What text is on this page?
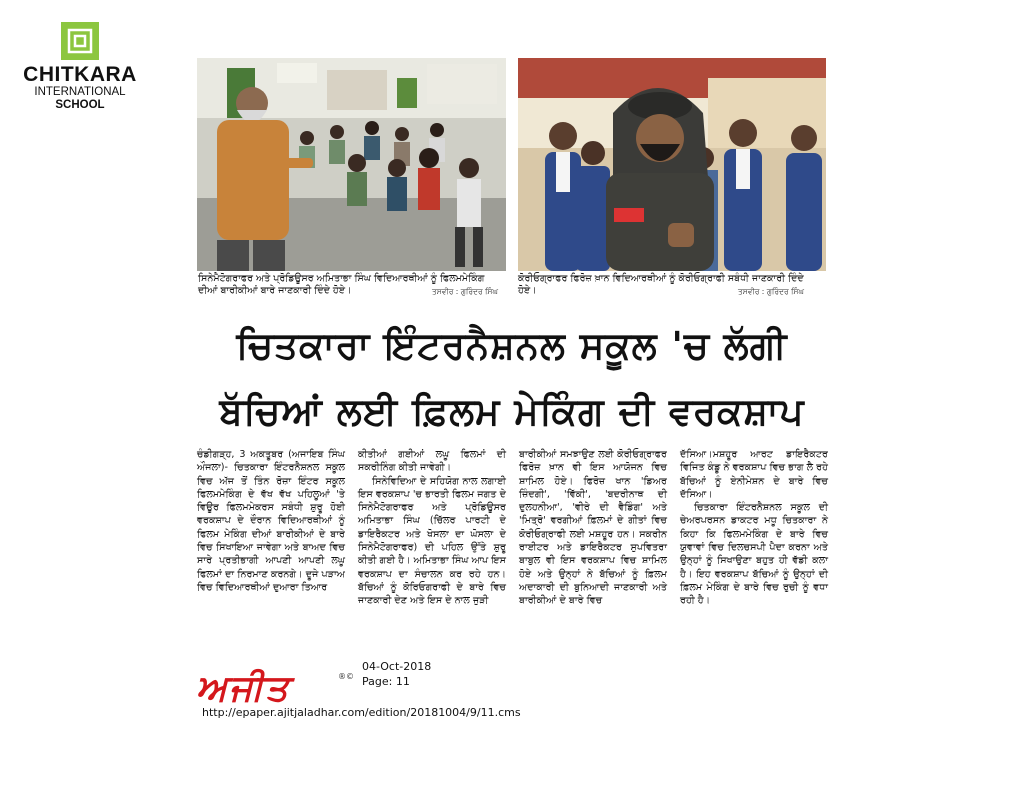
CHITKARA
INTERNATIONAL
SCHOOL
ਸਿਨੇਮੈਟੋਗਰਾਫਰ ਅਤੇ ਪ੍ਰੋਡਿਊਸਰ ਅਮਿਤਾਭਾ ਸਿੰਘ ਵਿਦਿਆਰਥੀਆਂ ਨੂੰ ਫਿਲਮਮੇਕਿੰਗ ਦੀਆਂ ਬਾਰੀਕੀਆਂ ਬਾਰੇ ਜਾਣਕਾਰੀ ਦਿੰਦੇ ਹੋਏ।	ਤਸਵੀਰ : ਗੁਰਿੰਦਰ ਸਿੰਘ
ਕੋਰੀਓਗ੍ਰਾਫਰ ਫਿਰੋਜ਼ ਖ਼ਾਨ ਵਿਦਿਆਰਥੀਆਂ ਨੂੰ ਕੋਰੀਓਗ੍ਰਾਫੀ ਸਬੰਧੀ ਜਾਣਕਾਰੀ ਦਿੰਦੇ ਹੋਏ।	ਤਸਵੀਰ : ਗੁਰਿੰਦਰ ਸਿੰਘ
ਚਿਤਕਾਰਾ ਇੰਟਰਨੈਸ਼ਨਲ ਸਕੂਲ 'ਚ ਲੱਗੀ
ਬੱਚਿਆਂ ਲਈ ਫ਼ਿਲਮ ਮੇਕਿੰਗ ਦੀ ਵਰਕਸ਼ਾਪ

ਚੰਡੀਗੜ੍ਹ, 3 ਅਕਤੂਬਰ (ਅਜਾਇਬ ਸਿੰਘ ਔਜਲਾ)- ਚਿਤਕਾਰਾ ਇੰਟਰਨੈਸ਼ਨਲ ਸਕੂਲ ਵਿਚ ਅੱਜ ਤੋਂ ਤਿੰਨ ਰੋਜ਼ਾ ਇੰਟਰ ਸਕੂਲ ਫਿਲਮਮੇਕਿੰਗ ਦੇ ਵੱਖ ਵੱਖ ਪਹਿਲੂਆਂ 'ਤੇ ਵਿਊਰ ਫਿਲਮਮੇਕਰਸ ਸਬੰਧੀ ਸ਼ੁਰੂ ਹੋਈ ਵਰਕਸ਼ਾਪ ਦੇ ਦੌਰਾਨ ਵਿਦਿਆਰਥੀਆਂ ਨੂੰ ਫਿਲਮ ਮੇਕਿੰਗ ਦੀਆਂ ਬਾਰੀਕੀਆਂ ਦੇ ਬਾਰੇ ਵਿਚ ਸਿਖਾਇਆ ਜਾਵੇਗਾ ਅਤੇ ਬਾਅਦ ਵਿਚ ਸਾਰੇ ਪ੍ਰਤੀਭਾਗੀ ਆਪਣੀ ਆਪਣੀ ਲਘੂ ਫਿਲਮਾਂ ਦਾ ਨਿਰਮਾਣ ਕਰਨਗੇ। ਦੂਜੇ ਪੜਾਅ ਵਿਚ ਵਿਦਿਆਰਥੀਆਂ ਦੁਆਰਾ ਤਿਆਰ

ਕੀਤੀਆਂ ਗਈਆਂ ਲਘੂ ਫਿਲਮਾਂ ਦੀ ਸਕਰੀਨਿੰਗ ਕੀਤੀ ਜਾਵੇਗੀ।

ਸਿਨੇਵਿਦਿਆ ਦੇ ਸਹਿਯੋਗ ਨਾਲ ਲਗਾਈ ਇਸ ਵਰਕਸ਼ਾਪ 'ਚ ਭਾਰਤੀ ਫਿਲਮ ਜਗਤ ਦੇ ਸਿਨੇਮੈਟੋਗਰਾਫਰ ਅਤੇ ਪ੍ਰੋਡਿਊਸਰ ਅਮਿਤਾਭਾ ਸਿੰਘ (ਚਿੱਲਰ ਪਾਰਟੀ ਦੇ ਡਾਇਰੈਕਟਰ ਅਤੇ ਖੋਸਲਾ ਦਾ ਘੋਸਲਾ ਦੇ ਸਿਨੇਮੈਟੋਗਰਾਫਰ) ਦੀ ਪਹਿਲ ਉੱਤੇ ਸ਼ੁਰੂ ਕੀਤੀ ਗਈ ਹੈ। ਅਮਿਤਾਭਾ ਸਿੰਘ ਆਪ ਇਸ ਵਰਕਸ਼ਾਪ ਦਾ ਸੰਚਾਲਨ ਕਰ ਰਹੇ ਹਨ। ਬੱਚਿਆਂ ਨੂੰ ਕੋਰਿਓਗਰਾਫੀ ਦੇ ਬਾਰੇ ਵਿਚ ਜਾਣਕਾਰੀ ਦੇਣ ਅਤੇ ਇਸ ਦੇ ਨਾਲ ਜੁੜੀ

ਬਾਰੀਕੀਆਂ ਸਮਝਾਉਣ ਲਈ ਕੋਰੀਓਗ੍ਰਾਫਰ ਫਿਰੋਜ਼ ਖ਼ਾਨ ਵੀ ਇਸ ਆਯੋਜਨ ਵਿਚ ਸ਼ਾਮਿਲ ਹੋਏ। ਫਿਰੋਜ਼ ਖਾਨ 'ਡਿਅਰ ਜ਼ਿੰਦਗੀ', 'ਵਿੱਕੀ', 'ਬਦਰੀਨਾਥ ਦੀ ਦੁਲਹਨੀਆ', 'ਵੀਰੇ ਦੀ ਵੈਡਿੰਗ' ਅਤੇ 'ਮਿਤ੍ਰੋ' ਵਰਗੀਆਂ ਫ਼ਿਲਮਾਂ ਦੇ ਗੀਤਾਂ ਵਿਚ ਕੋਰੀਓਗ੍ਰਾਫੀ ਲਈ ਮਸ਼ਹੂਰ ਹਨ। ਸਕਰੀਨ ਰਾਈਟਰ ਅਤੇ ਡਾਇਰੈਕਟਰ ਸੁਪਵਿਤਰਾ ਬਾਬੁਲ ਵੀ ਇਸ ਵਰਕਸ਼ਾਪ ਵਿਚ ਸ਼ਾਮਿਲ ਹੋਏ ਅਤੇ ਉਨ੍ਹਾਂ ਨੇ ਬੱਚਿਆਂ ਨੂੰ ਫ਼ਿਲਮ ਅਦਾਕਾਰੀ ਦੀ ਬੁਨਿਆਦੀ ਜਾਣਕਾਰੀ ਅਤੇ ਬਾਰੀਕੀਆਂ ਦੇ ਬਾਰੇ ਵਿਚ

ਦੱਸਿਆ।ਮਸ਼ਹੂਰ ਆਰਟ ਡਾਇਰੈਕਟਰ ਵਿਜਿਤ ਕੰਡੂ ਨੇ ਵਰਕਸ਼ਾਪ ਵਿਚ ਭਾਗ ਲੈ ਰਹੇ ਬੱਚਿਆਂ ਨੂੰ ਏਨੀਮੇਸ਼ਨ ਦੇ ਬਾਰੇ ਵਿਚ ਦੱਸਿਆ।

ਚਿਤਕਾਰਾ ਇੰਟਰਨੈਸ਼ਨਲ ਸਕੂਲ ਦੀ ਚੇਅਰਪਰਸਨ ਡਾਕਟਰ ਮਧੂ ਚਿਤਕਾਰਾ ਨੇ ਕਿਹਾ ਕਿ ਫਿਲਮਮੇਕਿੰਗ ਦੇ ਬਾਰੇ ਵਿਚ ਯੁਵਾਵਾਂ ਵਿਚ ਦਿਲਚਸਪੀ ਪੈਦਾ ਕਰਨਾ ਅਤੇ ਉਨ੍ਹਾਂ ਨੂੰ ਸਿਖਾਉਣਾ ਬਹੁਤ ਹੀ ਵੱਡੀ ਕਲਾ ਹੈ। ਇਹ ਵਰਕਸ਼ਾਪ ਬੱਚਿਆਂ ਨੂੰ ਉਨ੍ਹਾਂ ਦੀ ਫ਼ਿਲਮ ਮੇਕਿੰਗ ਦੇ ਬਾਰੇ ਵਿਚ ਰੁਚੀ ਨੂੰ ਵਧਾ ਰਹੀ ਹੈ।

ਅਜੀਤ	®©
04-Oct-2018
Page: 11
http://epaper.ajitjaladhar.com/edition/20181004/9/11.cms
